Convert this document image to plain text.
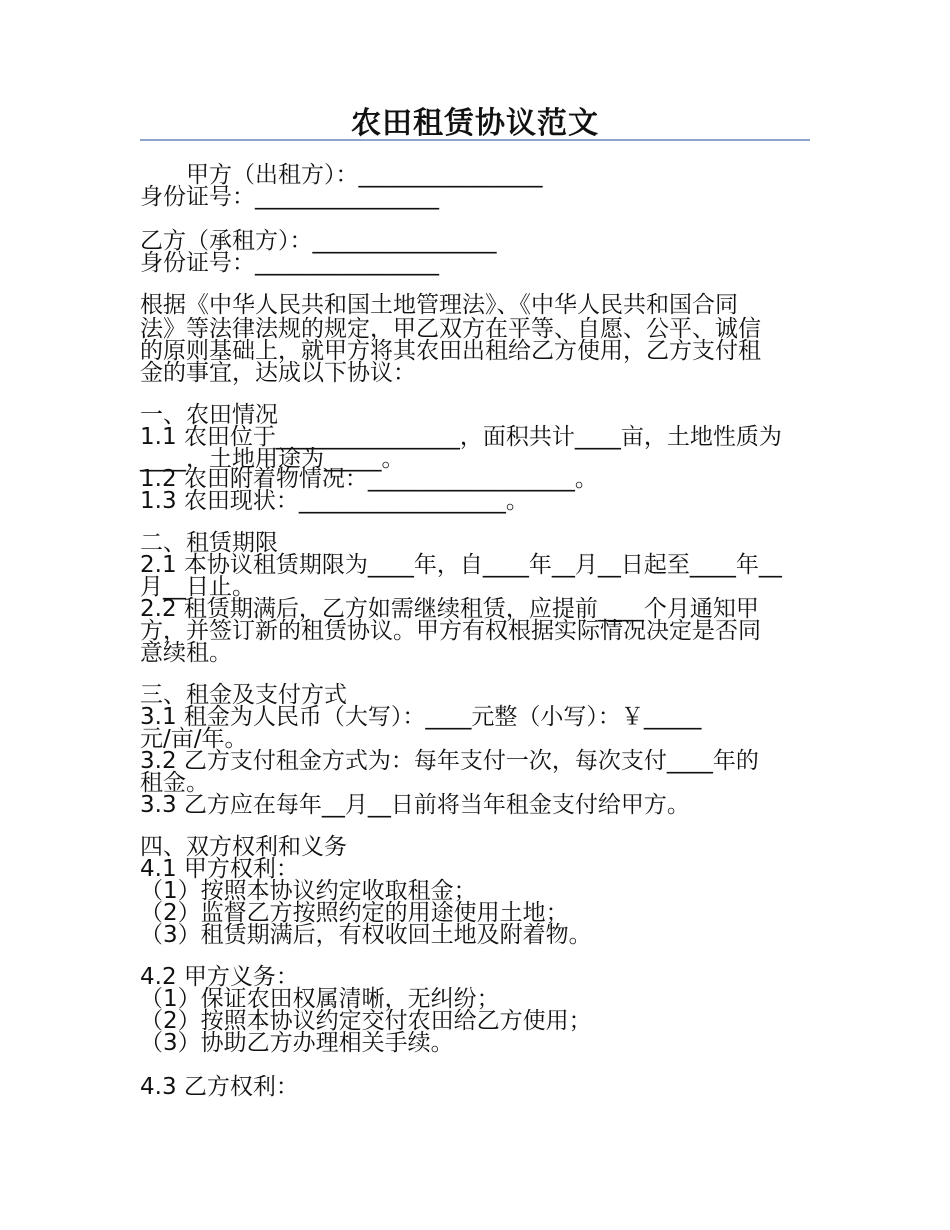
农田租赁协议范文
　　甲方（出租方）：________________
身份证号：________________
乙方（承租方）：________________
身份证号：________________
根据《中华人民共和国土地管理法》、《中华人民共和国合同
法》等法律法规的规定，甲乙双方在平等、自愿、公平、诚信
的原则基础上，就甲方将其农田出租给乙方使用，乙方支付租
金的事宜，达成以下协议：
一、农田情况
1.1 农田位于________________，面积共计____亩，土地性质为
____，土地用途为_____。
1.2 农田附着物情况：__________________。
1.3 农田现状：__________________。
二、租赁期限
2.1 本协议租赁期限为____年，自____年__月__日起至____年__
月__日止。
2.2 租赁期满后，乙方如需继续租赁，应提前____个月通知甲
方，并签订新的租赁协议。甲方有权根据实际情况决定是否同
意续租。
三、租金及支付方式
3.1 租金为人民币（大写）：____元整（小写）：￥_____
元/亩/年。
3.2 乙方支付租金方式为：每年支付一次，每次支付____年的
租金。
3.3 乙方应在每年__月__日前将当年租金支付给甲方。
四、双方权利和义务
4.1 甲方权利：
（1）按照本协议约定收取租金；
（2）监督乙方按照约定的用途使用土地；
（3）租赁期满后，有权收回土地及附着物。
4.2 甲方义务：
（1）保证农田权属清晰，无纠纷；
（2）按照本协议约定交付农田给乙方使用；
（3）协助乙方办理相关手续。
4.3 乙方权利：
